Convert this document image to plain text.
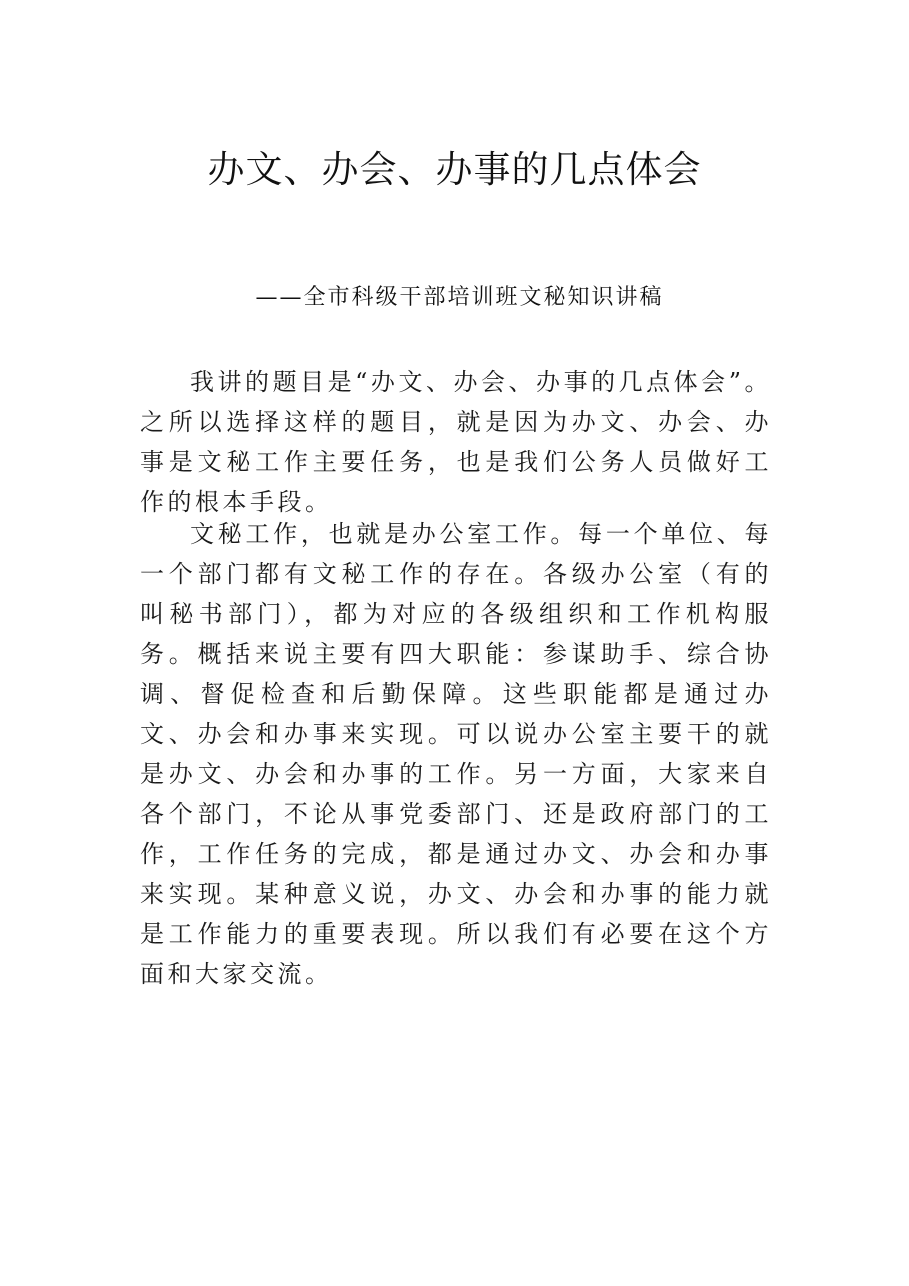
办文、办会、办事的几点体会
——全市科级干部培训班文秘知识讲稿

我讲的题目是“办文、办会、办事的几点体会”。之所以选择这样的题目，就是因为办文、办会、办事是文秘工作主要任务，也是我们公务人员做好工作的根本手段。

文秘工作，也就是办公室工作。每一个单位、每一个部门都有文秘工作的存在。各级办公室（有的叫秘书部门），都为对应的各级组织和工作机构服务。概括来说主要有四大职能：参谋助手、综合协调、督促检查和后勤保障。这些职能都是通过办文、办会和办事来实现。可以说办公室主要干的就是办文、办会和办事的工作。另一方面，大家来自各个部门，不论从事党委部门、还是政府部门的工作，工作任务的完成，都是通过办文、办会和办事来实现。某种意义说，办文、办会和办事的能力就是工作能力的重要表现。所以我们有必要在这个方面和大家交流。
